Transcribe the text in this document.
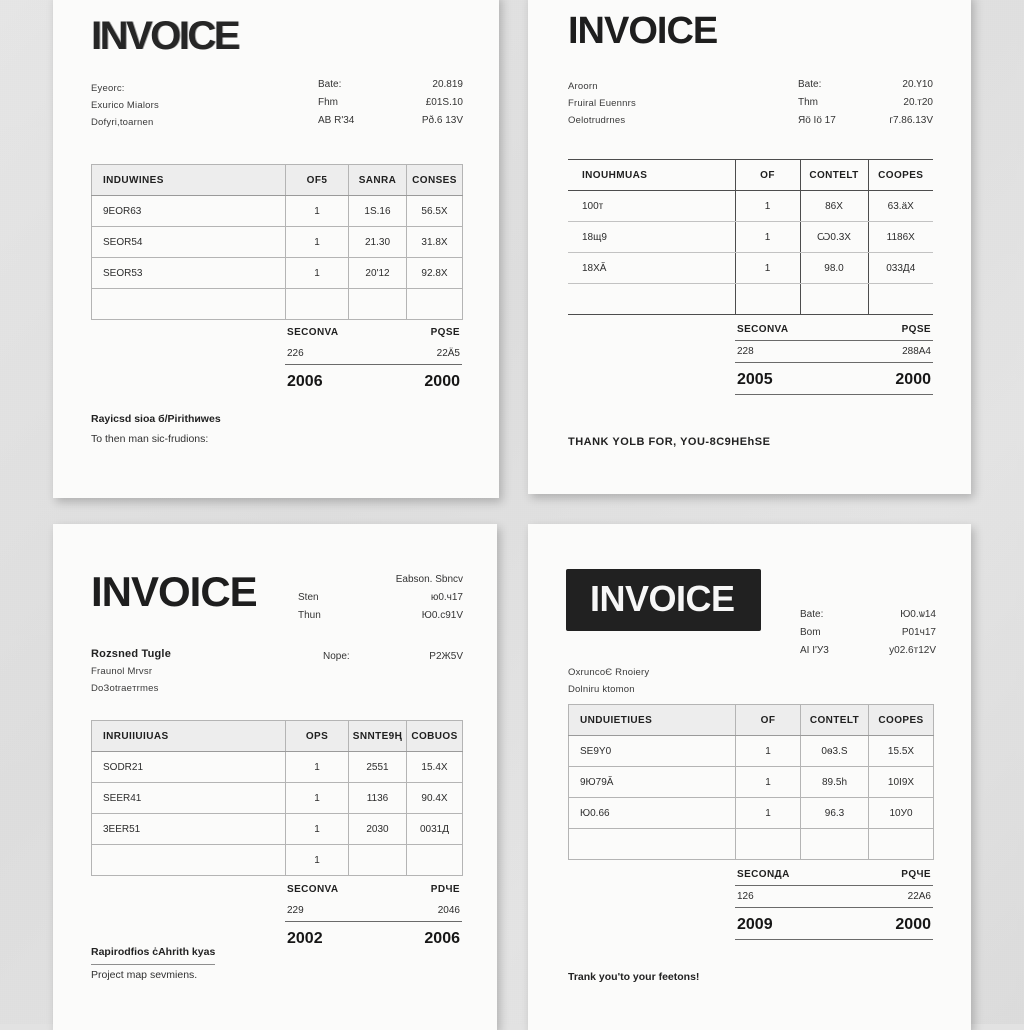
INVOICE
Eyeorc:
Exurico Mialors
Dofyri,toarnen
Bate:	20.819
Fhm	£01Ѕ.10
AB R'34	Pð.6 13V
INDUWINES	OF5	SANRA	CONSES
9EOR63	1	1Ѕ.16	56.5X
SEOR54	1	21.30	31.8X
SEOR53	1	20'12	92.8X

SECONVA	PQSE
226	22Ä5
2006	2000
Rayicsd ѕioa б/Pirithиwes
To then man sic-frudions:
INVOICE
Aroorn
Fruiral Euennrs
Oelotrudrnes
Bate:	20.Ү10
Thm	20.т20
Яӧ Iӧ 17	г7.86.13V
INOUHMUAS	OF	CONTELT	COOPES
100т	1	86X	63.ӓX
18щ9	1	Ѡ0.3X	1186X
18XӐ	1	98.0	033Д4

SECONVA	PQЅE
228	288А4
2005	2000
THANK YOLB FOR, YOU-8C9HEһSE
INVOICE	Eabson. Sbncv
Sten	ю0.ч17
Thun	Ю0.с91V
Rozsned Tugle
Fraunol Mrvsr
DoЗotraeтrmes
Nope:	Р2Ж5V
INRUIIUIUAS	OPS	SNNTE9Ң	COBUOS
SODR21	1	2551	15.4X
SEER41	1	1136	90.4X
3EER51	1	2030	0031Д
	1		
SECONVA	PDЧE
229	2046
2002	2006
Rapirodfioѕ ċAhrith kyas
Project map sevmiens.
INVOICE	Bate:	Ю0.ѡ14
Bom	Р01ч17
АІ I'У3	у02.6т12V
OxruncoЄ Rnoiery
Dolniru ktomon
UNDUIETIUES	OF	CONTELT	COOPES
SE9Y0	1	0ѳ3.S	15.5X
9Ю79Ӑ	1	89.5һ	10I9X
Ю0.66	1	96.3	10У0

SECONДA	PQЧE
126	22А6
2009	2000
Trank you'to your feetons!
